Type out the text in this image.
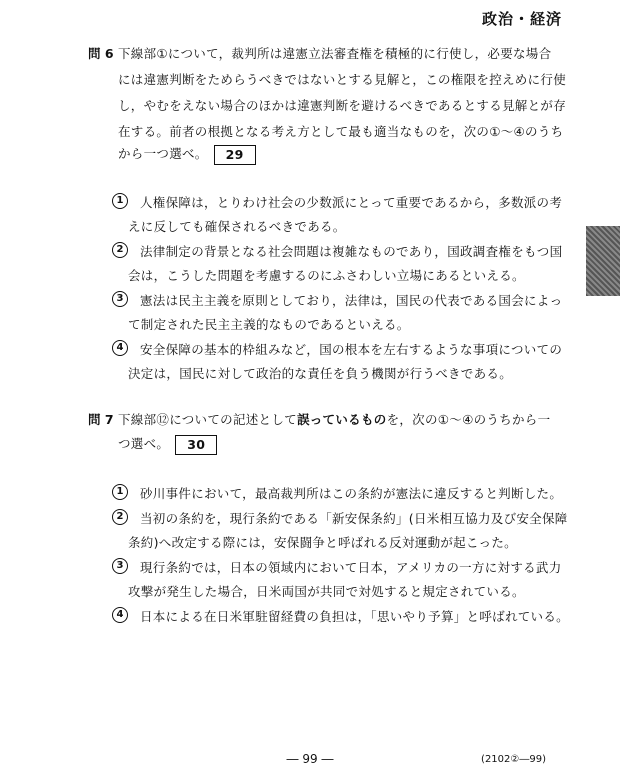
政治・経済
問 6 下線部①について，裁判所は違憲立法審査権を積極的に行使し，必要な場合
には違憲判断をためらうべきではないとする見解と，この権限を控えめに行使
し，やむをえない場合のほかは違憲判断を避けるべきであるとする見解とが存
在する。前者の根拠となる考え方として最も適当なものを，次の①～④のうち
から一つ選べ。 29
1	人権保障は，とりわけ社会の少数派にとって重要であるから，多数派の考
えに反しても確保されるべきである。
2	法律制定の背景となる社会問題は複雑なものであり，国政調査権をもつ国
会は，こうした問題を考慮するのにふさわしい立場にあるといえる。
3	憲法は民主主義を原則としており，法律は，国民の代表である国会によっ
て制定された民主主義的なものであるといえる。
4	安全保障の基本的枠組みなど，国の根本を左右するような事項についての
決定は，国民に対して政治的な責任を負う機関が行うべきである。
問 7 下線部⑫についての記述として誤っているものを，次の①～④のうちから一
つ選べ。 30
1	砂川事件において，最高裁判所はこの条約が憲法に違反すると判断した。
2	当初の条約を，現行条約である「新安保条約」(日米相互協力及び安全保障
条約)へ改定する際には，安保闘争と呼ばれる反対運動が起こった。
3	現行条約では，日本の領域内において日本，アメリカの一方に対する武力
攻撃が発生した場合，日米両国が共同で対処すると規定されている。
4	日本による在日米軍駐留経費の負担は，「思いやり予算」と呼ばれている。
― 99 ―	(2102②―99)
